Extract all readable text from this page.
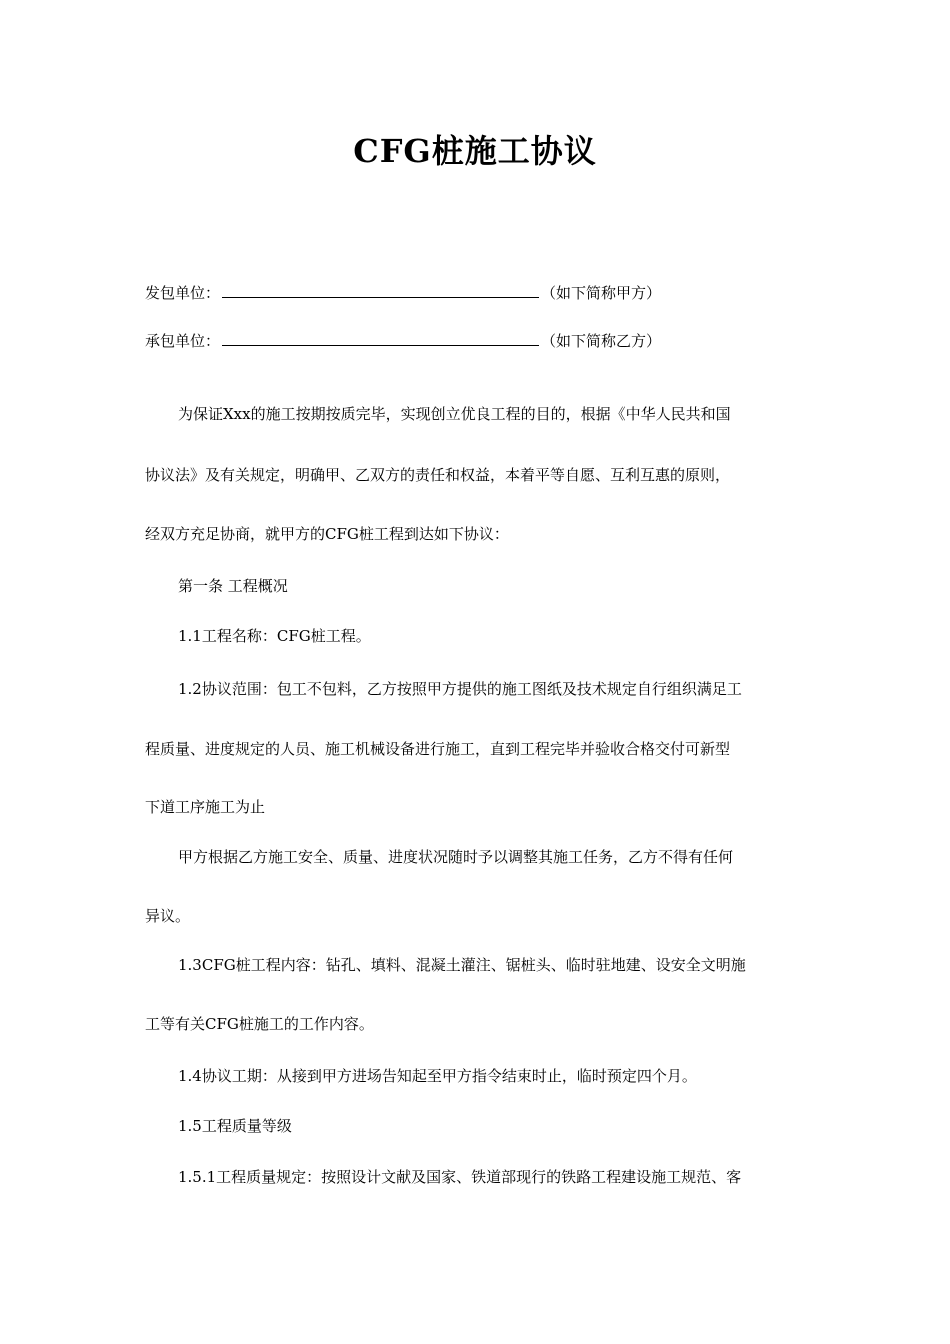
CFG桩施工协议
发包单位：	（如下简称甲方）
承包单位：	（如下简称乙方）
为保证Xxx的施工按期按质完毕，实现创立优良工程的目的，根据《中华人民共和国
协议法》及有关规定，明确甲、乙双方的责任和权益，本着平等自愿、互利互惠的原则，
经双方充足协商，就甲方的CFG桩工程到达如下协议：
第一条 工程概况
1.1工程名称：CFG桩工程。
1.2协议范围：包工不包料，乙方按照甲方提供的施工图纸及技术规定自行组织满足工
程质量、进度规定的人员、施工机械设备进行施工，直到工程完毕并验收合格交付可新型
下道工序施工为止
甲方根据乙方施工安全、质量、进度状况随时予以调整其施工任务，乙方不得有任何
异议。
1.3CFG桩工程内容：钻孔、填料、混凝土灌注、锯桩头、临时驻地建、设安全文明施
工等有关CFG桩施工的工作内容。
1.4协议工期：从接到甲方进场告知起至甲方指令结束时止，临时预定四个月。
1.5工程质量等级
1.5.1工程质量规定：按照设计文献及国家、铁道部现行的铁路工程建设施工规范、客
